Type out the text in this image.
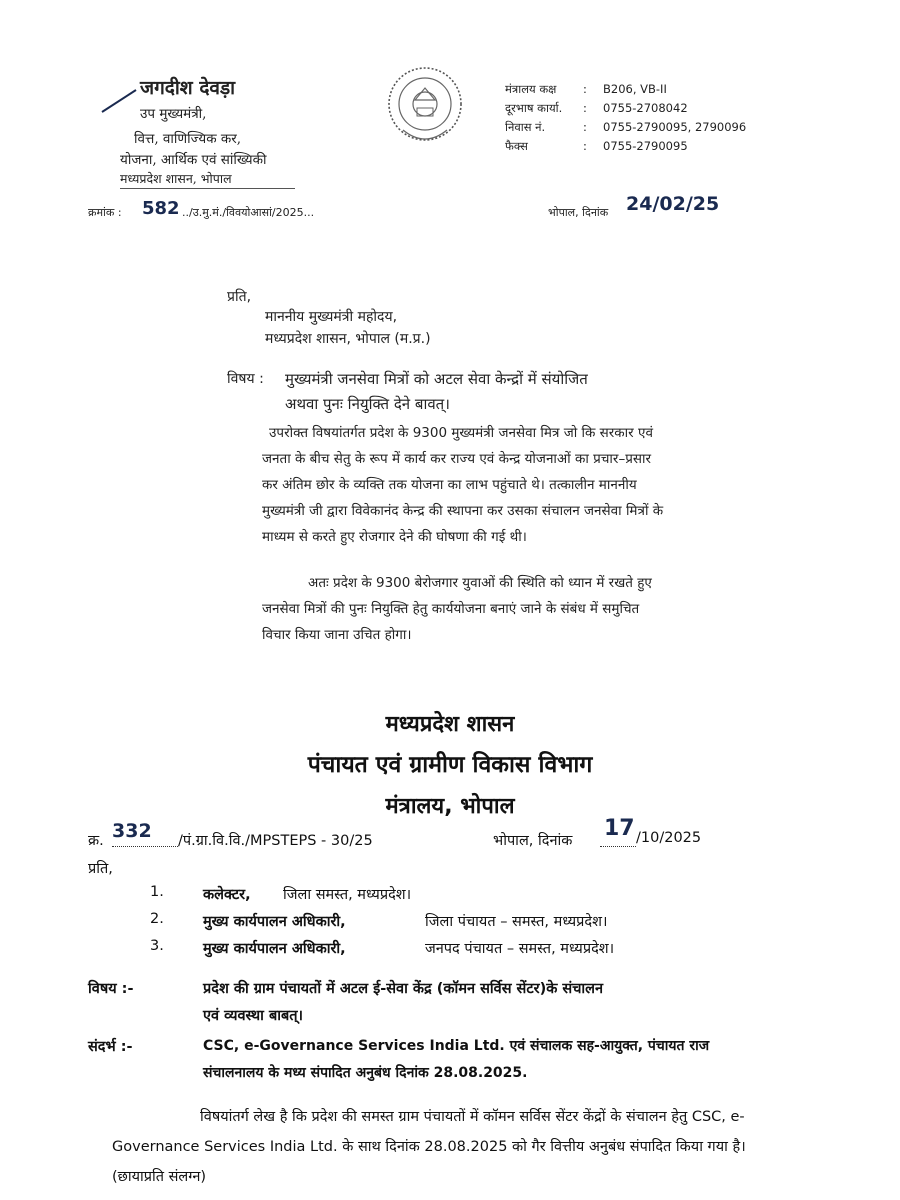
जगदीश देवड़ा
उप मुख्यमंत्री,
वित्त, वाणिज्यिक कर,
योजना, आर्थिक एवं सांख्यिकी
मध्यप्रदेश शासन, भोपाल
मंत्रालय कक्ष : B206, VB-II
दूरभाष कार्या. : 0755-2708042
निवास नं.	: 0755-2790095, 2790096
फैक्स	: 0755-2790095
क्रमांक : 582 ../उ.मु.मं./विवयोआसां/2025...	भोपाल, दिनांक 24/02/25
प्रति,
माननीय मुख्यमंत्री महोदय,
मध्यप्रदेश शासन, भोपाल (म.प्र.)
विषय : मुख्यमंत्री जनसेवा मित्रों को अटल सेवा केन्द्रों में संयोजित
अथवा पुनः नियुक्ति देने बावत्।
उपरोक्त विषयांतर्गत प्रदेश के 9300 मुख्यमंत्री जनसेवा मित्र जो कि सरकार एवं जनता के बीच सेतु के रूप में कार्य कर राज्य एवं केन्द्र योजनाओं का प्रचार–प्रसार कर अंतिम छोर के व्यक्ति तक योजना का लाभ पहुंचाते थे। तत्कालीन माननीय मुख्यमंत्री जी द्वारा विवेकानंद केन्द्र की स्थापना कर उसका संचालन जनसेवा मित्रों के माध्यम से करते हुए रोजगार देने की घोषणा की गई थी।
अतः प्रदेश के 9300 बेरोजगार युवाओं की स्थिति को ध्यान में रखते हुए जनसेवा मित्रों की पुनः नियुक्ति हेतु कार्ययोजना बनाएं जाने के संबंध में समुचित विचार किया जाना उचित होगा।
मध्यप्रदेश शासन
पंचायत एवं ग्रामीण विकास विभाग
मंत्रालय, भोपाल
क्र. 332 /पं.ग्रा.वि.वि./MPSTEPS - 30/25	भोपाल, दिनांक 17 /10/2025
प्रति,
1.	कलेक्टर, जिला समस्त, मध्यप्रदेश।
2.	मुख्य कार्यपालन अधिकारी,	जिला पंचायत – समस्त, मध्यप्रदेश।
3.	मुख्य कार्यपालन अधिकारी,	जनपद पंचायत – समस्त, मध्यप्रदेश।
विषय :-	प्रदेश की ग्राम पंचायतों में अटल ई-सेवा केंद्र (कॉमन सर्विस सेंटर)के संचालन
एवं व्यवस्था बाबत्।
संदर्भ :-	CSC, e-Governance Services India Ltd. एवं संचालक सह-आयुक्त, पंचायत राज
संचालनालय के मध्य संपादित अनुबंध दिनांक 28.08.2025.
विषयांतर्ग लेख है कि प्रदेश की समस्त ग्राम पंचायतों में कॉमन सर्विस सेंटर केंद्रों के संचालन हेतु CSC, e-Governance Services India Ltd. के साथ दिनांक 28.08.2025 को गैर वित्तीय अनुबंध संपादित किया गया है। (छायाप्रति संलग्न)
